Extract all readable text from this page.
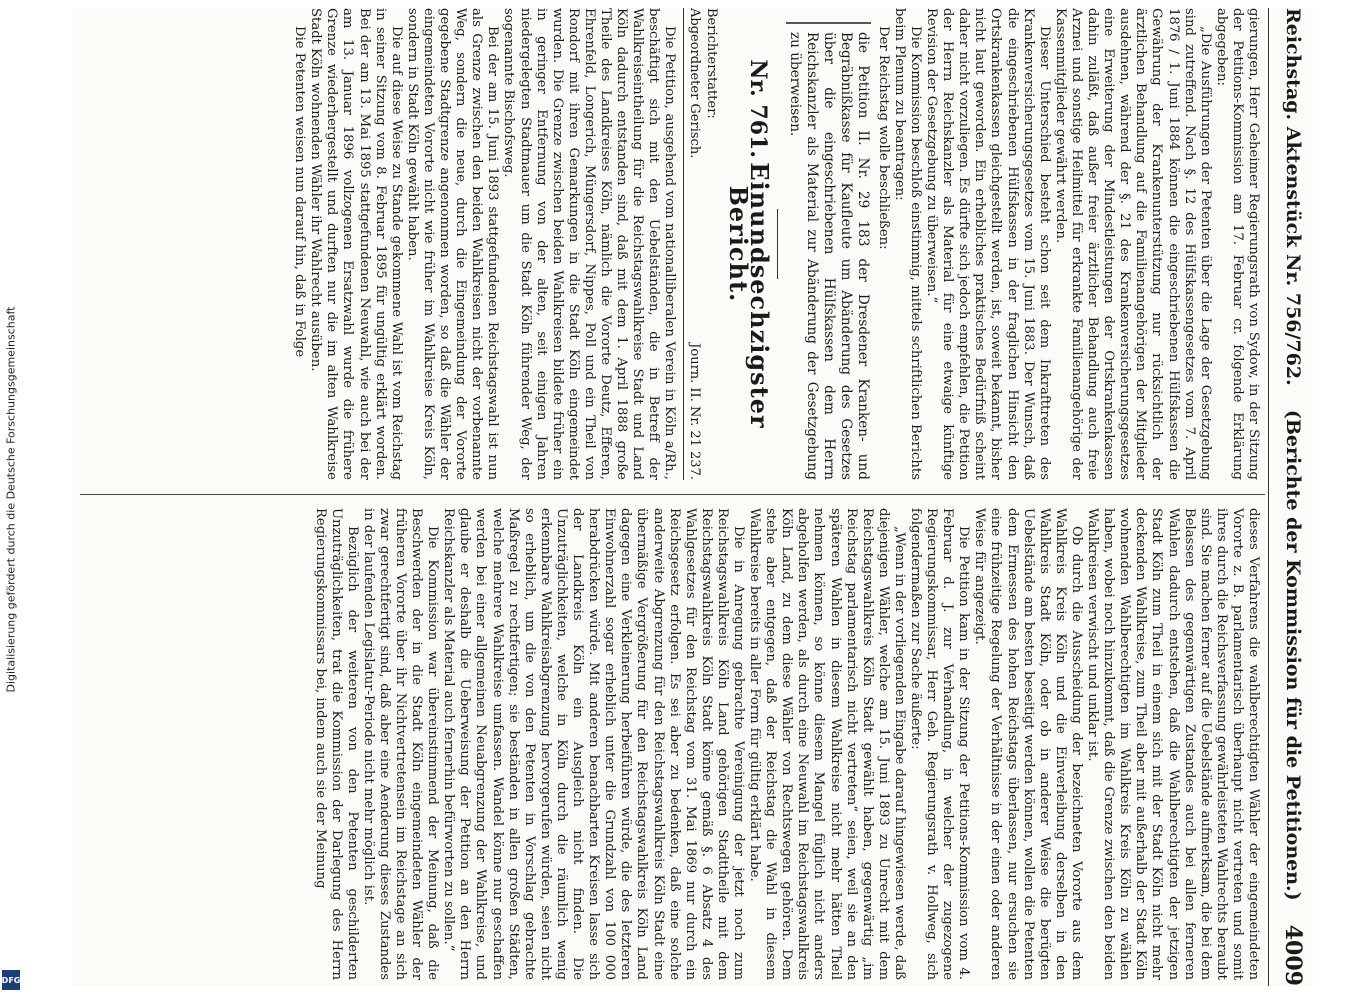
Reichstag. Aktenstück Nr. 756/762.
(Berichte der Kommission für die Petitionen.)
4009

gierungen, Herr Geheimer Regierungsrath von Sydow, in der Sitzung der Petitions-Kommission am 17. Februar cr. folgende Erklärung abgegeben:

„Die Ausführungen der Petenten über die Lage der Gesetzgebung sind zutreffend. Nach §. 12 des Hülfskassengesetzes vom 7. April 1876 / 1. Juni 1884 können die eingeschriebenen Hülfskassen die Gewährung der Krankenunterstützung nur rücksichtlich der ärztlichen Behandlung auf die Familienangehörigen der Mitglieder ausdehnen, während der §. 21 des Krankenversicherungsgesetzes eine Erweiterung der Mindestleistungen der Ortskrankenkassen dahin zuläßt, daß außer freier ärztlicher Behandlung auch freie Arznei und sonstige Heilmittel für erkrankte Familienangehörige der Kassenmitglieder gewährt werden.

Dieser Unterschied besteht schon seit dem Inkrafttreten des Krankenversicherungsgesetzes vom 15. Juni 1883. Der Wunsch, daß die eingeschriebenen Hülfskassen in der fraglichen Hinsicht den Ortskrankenkassen gleichgestellt werden, ist, soweit bekannt, bisher nicht laut geworden. Ein erhebliches praktisches Bedürfniß scheint daher nicht vorzuliegen. Es dürfte sich jedoch empfehlen, die Petition der Herrn Reichskanzler als Material für eine etwaige künftige Revision der Gesetzgebung zu überweisen.“

Die Kommission beschloß einstimmig, mittels schriftlichen Berichts beim Plenum zu beantragen:

Der Reichstag wolle beschließen:

die Petition II. Nr. 29 183 der Dresdener Kranken- und Begräbnißkasse für Kaufleute um Abänderung des Gesetzes über die eingeschriebenen Hülfskassen dem Herrn Reichskanzler als Material zur Abänderung der Gesetzgebung zu überweisen.
Nr. 761. Einundsechzigster Bericht.
Berichterstatter:
Abgeordneter Gerisch.
Journ. II. Nr. 21 237.

Die Petition, ausgehend vom nationalliberalen Verein in Köln a/Rh., beschäftigt sich mit den Uebelständen, die in Betreff der Wahlkreiseintheilung für die Reichstagswahlkreise Stadt und Land Köln dadurch entstanden sind, daß mit dem 1. April 1888 große Theile des Landkreises Köln, nämlich die Vororte Deutz, Efferen, Ehrenfeld, Longerich, Müngersdorf, Nippes, Poll und ein Theil von Rondorf mit ihren Gemarkungen in die Stadt Köln eingemeindet wurden. Die Grenze zwischen beiden Wahlkreisen bildete früher ein in geringer Entfernung von der alten, seit einigen Jahren niedergelegten Stadtmauer um die Stadt Köln führender Weg, der sogenannte Bischofsweg.

Bei der am 15. Juni 1893 stattgefundenen Reichstagswahl ist nun als Grenze zwischen den beiden Wahlkreisen nicht der vorbenannte Weg, sondern die neue, durch die Eingemeindung der Vororte gegebene Stadtgrenze angenommen worden, so daß die Wähler der eingemeindeten Vororte nicht wie früher im Wahlkreise Kreis Köln, sondern in Stadt Köln gewählt haben.

Die auf diese Weise zu Stande gekommene Wahl ist vom Reichstag in seiner Sitzung vom 8. Februar 1895 für ungültig erklärt worden. Bei der am 13. Mai 1895 stattgefundenen Neuwahl, wie auch bei der am 13. Januar 1896 vollzogenen Ersatzwahl wurde die frühere Grenze wiederhergestellt und durften nur die im alten Wahlkreise Stadt Köln wohnenden Wähler ihr Wahlrecht ausüben.

Die Petenten weisen nun darauf hin, daß in Folge

dieses Verfahrens die wahlberechtigten Wähler der eingemeindeten Vororte z. B. parlamentarisch überhaupt nicht vertreten und somit ihres durch die Reichsverfassung gewährleisteten Wahlrechts beraubt sind. Sie machen ferner auf die Uebelstände aufmerksam, die bei dem Belassen des gegenwärtigen Zustandes auch bei allen ferneren Wahlen dadurch entstehen, daß die Wahlberechtigten der jetzigen Stadt Köln zum Theil in einem sich mit der Stadt Köln nicht mehr deckenden Wahlkreise, zum Theil aber mit außerhalb der Stadt Köln wohnenden Wahlberechtigten im Wahlkreis Kreis Köln zu wählen haben, wobei noch hinzukommt, daß die Grenze zwischen den beiden Wahlkreisen verwischt und unklar ist.

Ob durch die Ausscheidung der bezeichneten Vororte aus dem Wahlkreis Kreis Köln und die Einverleibung derselben in den Wahlkreis Stadt Köln, oder ob in anderer Weise die berügten Uebelstände am besten beseitigt werden können, wollen die Petenten dem Ermessen des hohen Reichstags überlassen, nur ersuchen sie eine frühzeitige Regelung der Verhältnisse in der einen oder anderen Weise für angezeigt.

Die Petition kam in der Sitzung der Petitions-Kommission vom 4. Februar d. J. zur Verhandlung, in welcher der zugezogene Regierungskommissar, Herr Geh. Regierungsrath v. Hollweg, sich folgendermaßen zur Sache äußerte:

„Wenn in der vorliegenden Eingabe darauf hingewiesen werde, daß diejenigen Wähler, welche am 15. Juni 1893 zu Unrecht mit dem Reichstagswahlkreis Köln Stadt gewählt haben, gegenwärtig „im Reichstag parlamentarisch nicht vertreten“ seien, weil sie an den späteren Wahlen in diesem Wahlkreise nicht mehr hätten Theil nehmen können, so könne diesem Mangel füglich nicht anders abgeholfen werden, als durch eine Neuwahl im Reichstagswahlkreis Köln Land, zu dem diese Wähler von Rechtswegen gehören. Dem stehe aber entgegen, daß der Reichstag die Wahl in diesem Wahlkreise bereits in aller Form für gültig erklärt habe.

Die in Anregung gebrachte Vereinigung der jetzt noch zum Reichstagswahlkreis Köln Land gehörigen Stadttheile mit dem Reichstagswahlkreis Köln Stadt könne gemäß §. 6 Absatz 4 des Wahlgesetzes für den Reichstag vom 31. Mai 1869 nur durch ein Reichsgesetz erfolgen. Es sei aber zu bedenken, daß eine solche anderweite Abgrenzung für den Reichstagswahlkreis Köln Stadt eine übermäßige Vergrößerung für den Reichstagswahlkreis Köln Land dagegen eine Verkleinerung herbeiführen würde, die des letzteren Einwohnerzahl sogar erheblich unter die Grundzahl von 100 000 herabdrücken würde. Mit anderen benachbarten Kreisen lasse sich der Landkreis Köln ein Ausgleich nicht finden. Die Unzuträglichkeiten, welche in Köln durch die räumlich wenig erkennbare Wahlkreisabgrenzung hervorgerufen würden, seien nicht so erheblich, um die von den Petenten in Vorschlag gebrachte Maßregel zu rechtfertigen; sie beständen in allen großen Städten, welche mehrere Wahlkreise umfassen. Wandel könne nur geschaffen werden bei einer allgemeinen Neuabgrenzung der Wahlkreise, und glaube er deshalb die Ueberweisung der Petition an den Herrn Reichskanzler als Material auch fernerhin befürworten zu sollen.“

Die Kommission war übereinstimmend der Meinung, daß die Beschwerden der in die Stadt Köln eingemeindeten Wähler der früheren Vororte über ihr Nichtvertretensein im Reichstage an sich zwar gerechtfertigt sind, daß aber eine Aenderung dieses Zustandes in der laufenden Legislatur-Periode nicht mehr möglich ist.

Bezüglich der weiteren von den Petenten geschilderten Unzuträglichkeiten, trat die Kommission der Darlegung des Herrn Regierungskommissars bei, indem auch sie der Meinung

Digitalisierung gefördert durch die Deutsche Forschungsgemeinschaft
DFG
